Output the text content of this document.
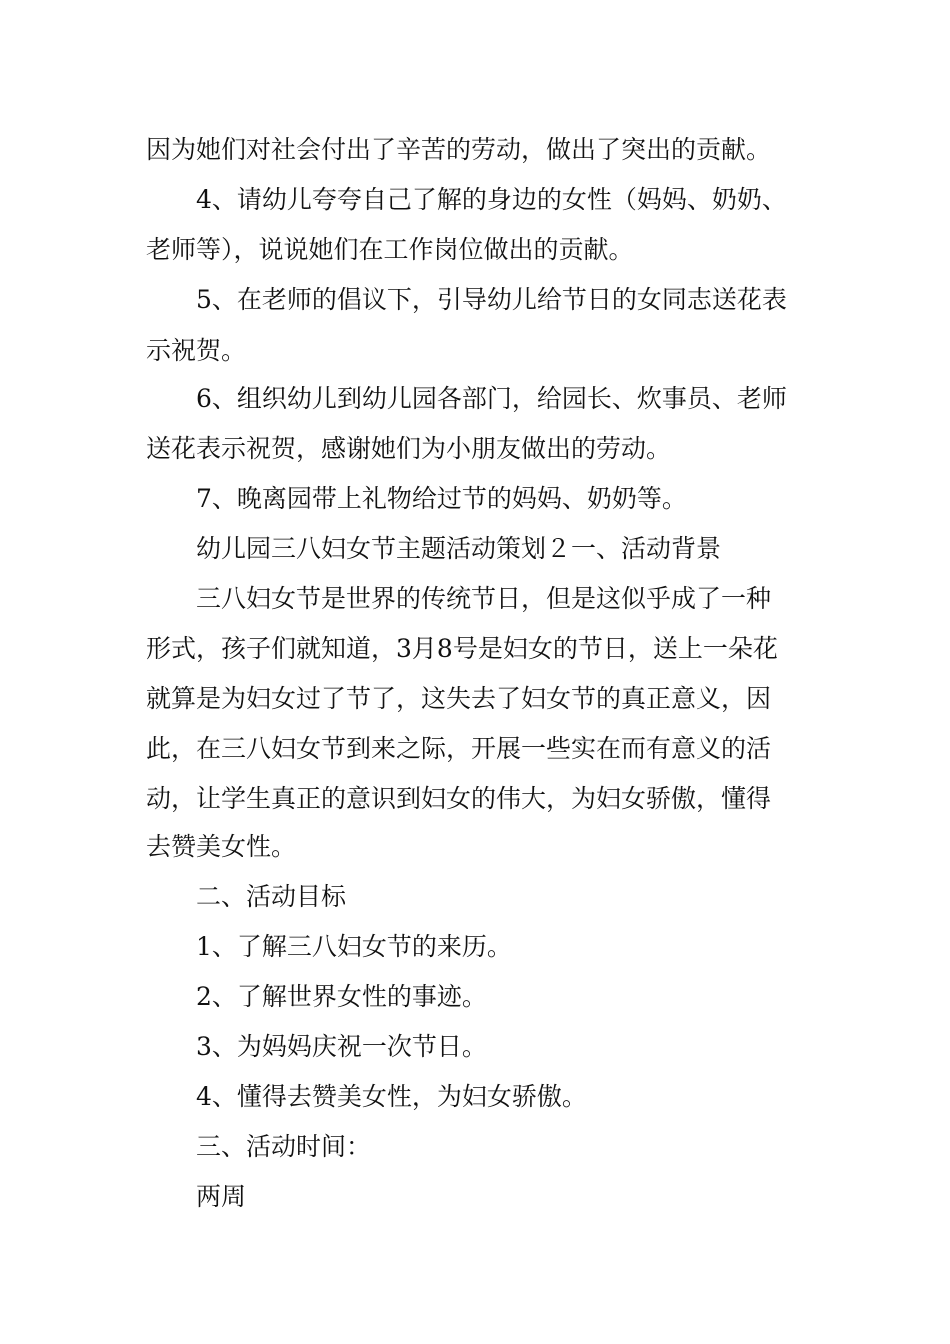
因为她们对社会付出了辛苦的劳动，做出了突出的贡献。
4、请幼儿夸夸自己了解的身边的女性（妈妈、奶奶、
老师等），说说她们在工作岗位做出的贡献。
5、在老师的倡议下，引导幼儿给节日的女同志送花表
示祝贺。
6、组织幼儿到幼儿园各部门，给园长、炊事员、老师
送花表示祝贺，感谢她们为小朋友做出的劳动。
7、晚离园带上礼物给过节的妈妈、奶奶等。
幼儿园三八妇女节主题活动策划２一、活动背景
三八妇女节是世界的传统节日，但是这似乎成了一种
形式，孩子们就知道，3月8号是妇女的节日，送上一朵花
就算是为妇女过了节了，这失去了妇女节的真正意义，因
此，在三八妇女节到来之际，开展一些实在而有意义的活
动，让学生真正的意识到妇女的伟大，为妇女骄傲，懂得
去赞美女性。
二、活动目标
1、了解三八妇女节的来历。
2、了解世界女性的事迹。
3、为妈妈庆祝一次节日。
4、懂得去赞美女性，为妇女骄傲。
三、活动时间：
两周
